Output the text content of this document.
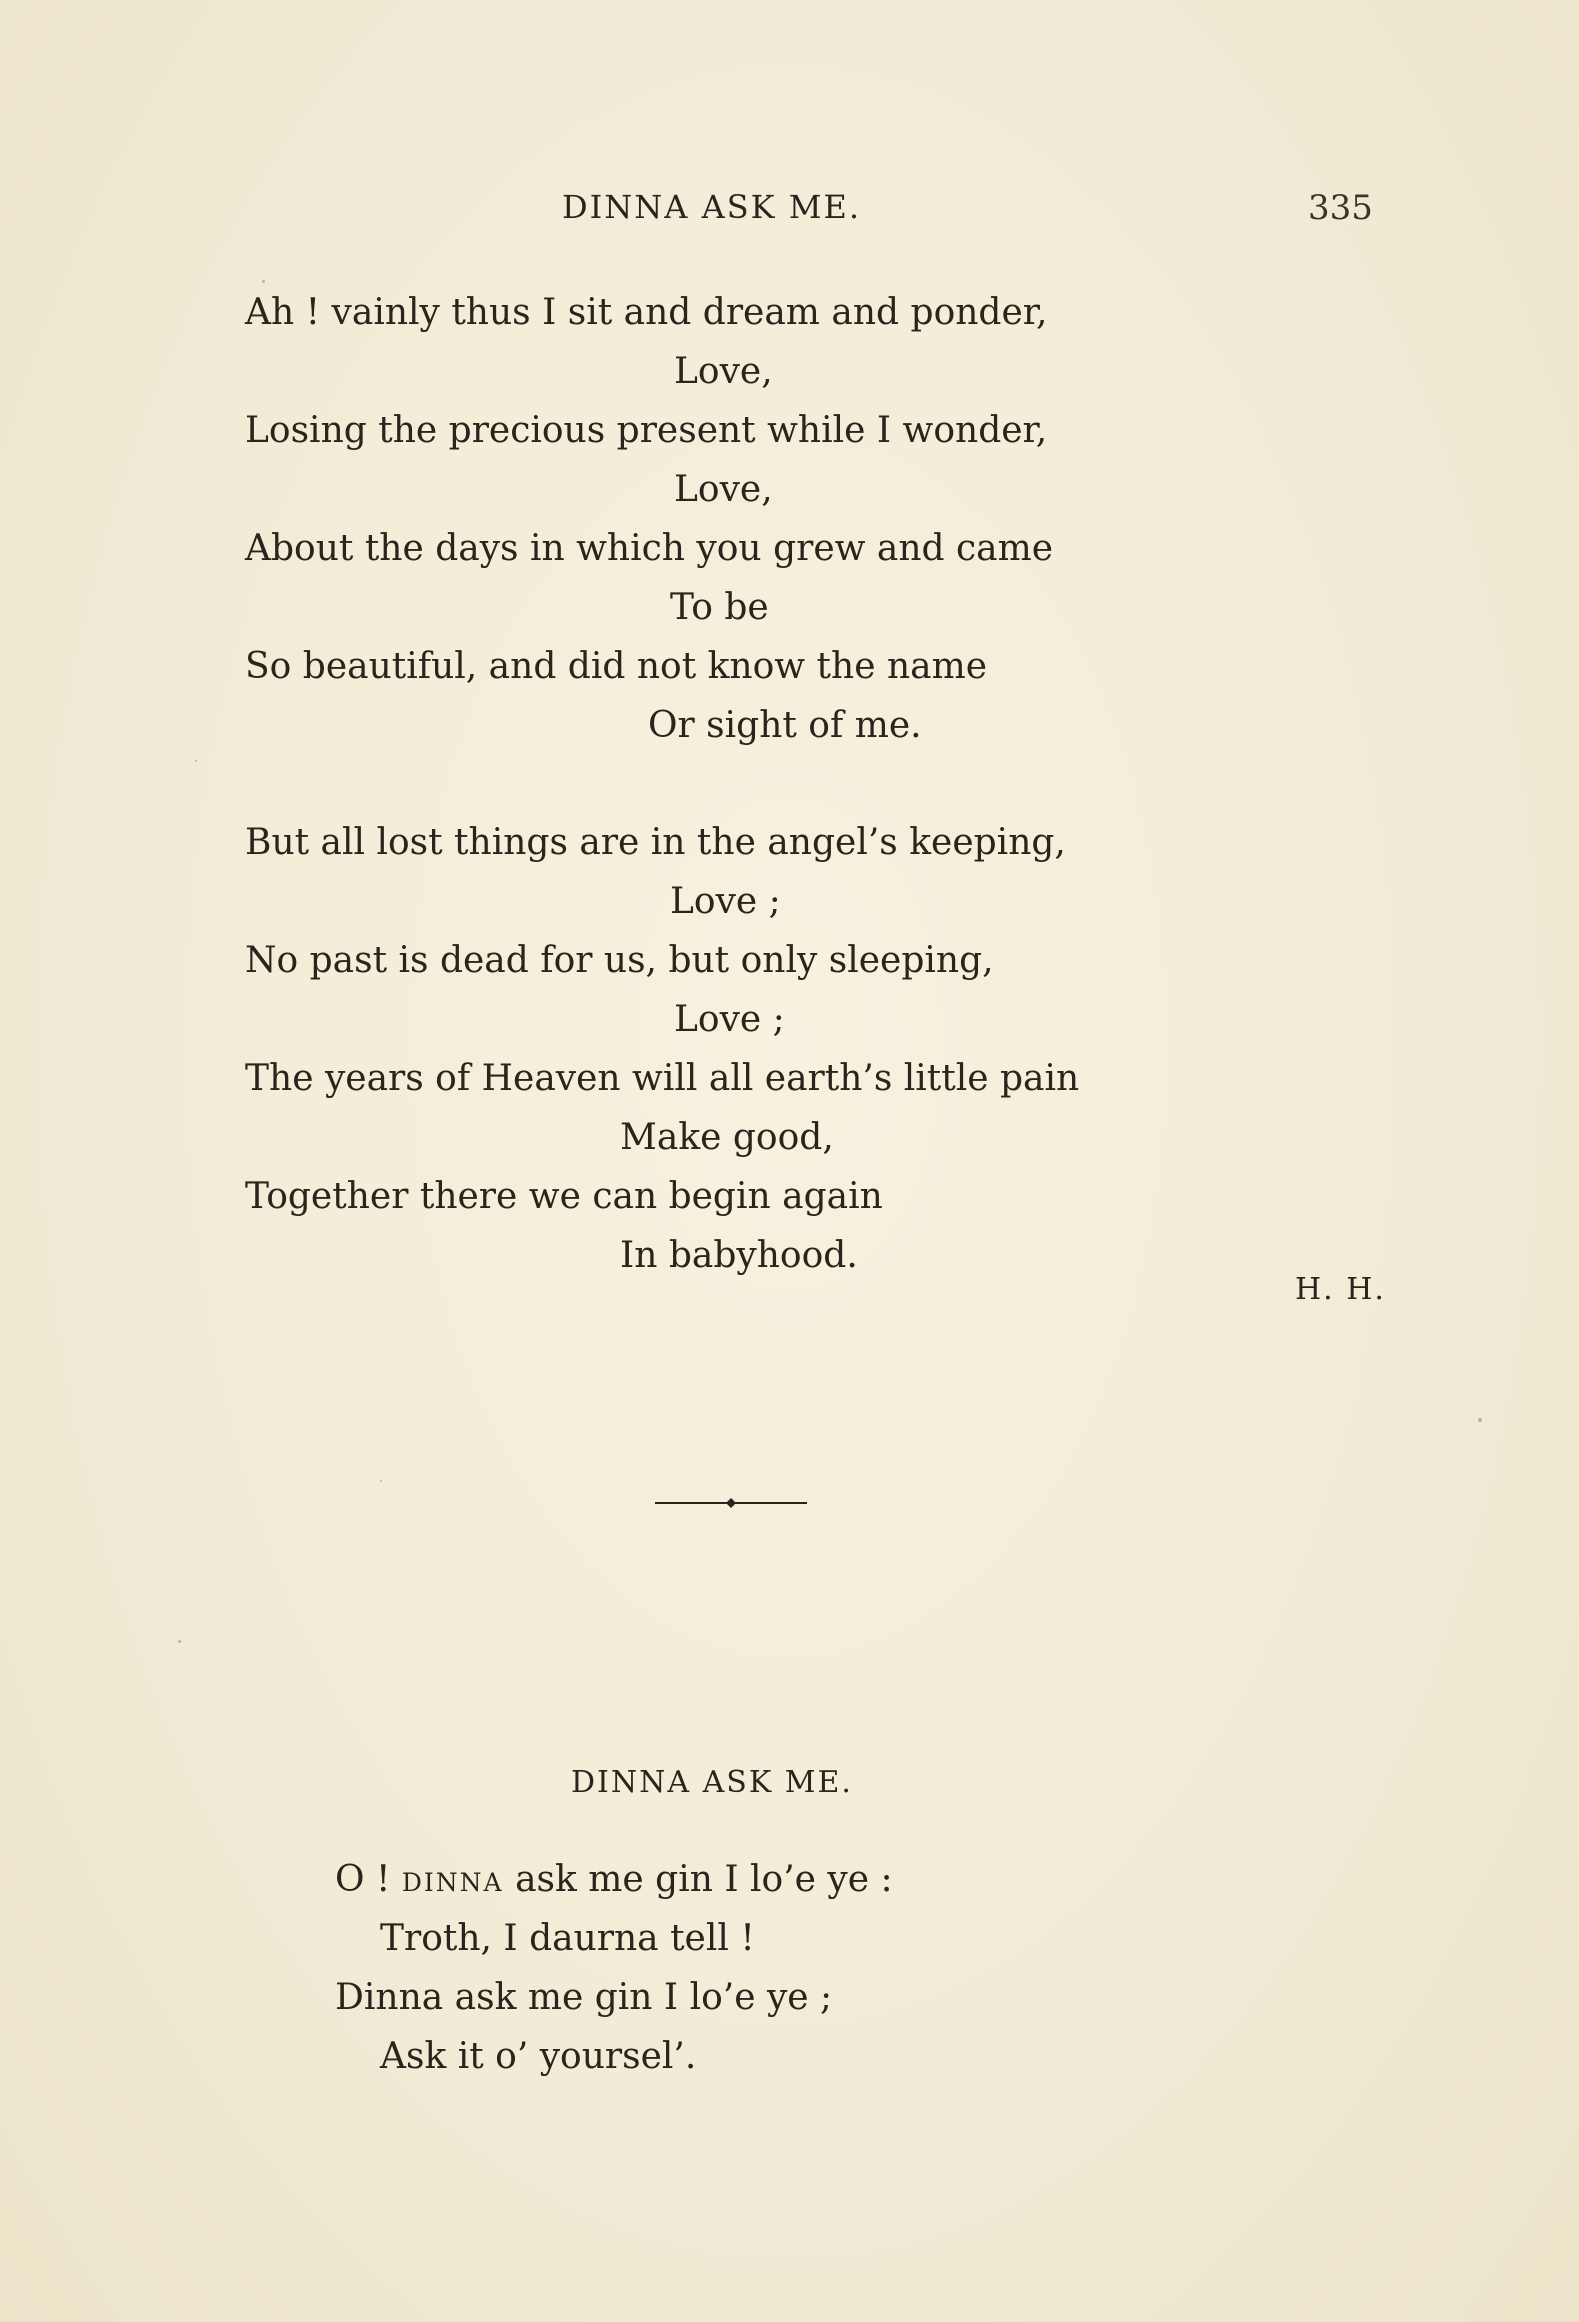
DINNA ASK ME.	335
Ah ! vainly thus I sit and dream and ponder,
Love,
Losing the precious present while I wonder,
Love,
About the days in which you grew and came
To be
So beautiful, and did not know the name
Or sight of me.
But all lost things are in the angel’s keeping,
Love ;
No past is dead for us, but only sleeping,
Love ;
The years of Heaven will all earth’s little pain
Make good,
Together there we can begin again
In babyhood.
H. H.
DINNA ASK ME.
O ! dinna ask me gin I lo’e ye :
Troth, I daurna tell !
Dinna ask me gin I lo’e ye ;
Ask it o’ yoursel’.
